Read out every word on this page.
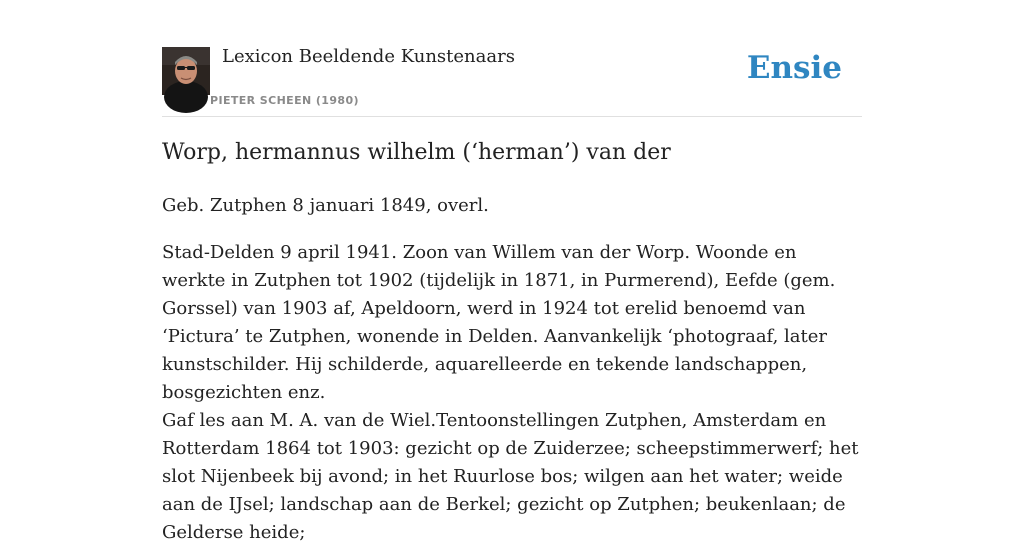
Lexicon Beeldende Kunstenaars
PIETER SCHEEN (1980)
Ensie
Worp, hermannus wilhelm (‘herman’) van der

Geb. Zutphen 8 januari 1849, overl.

Stad-Delden 9 april 1941. Zoon van Willem van der Worp. Woonde en werkte in Zutphen tot 1902 (tijdelijk in 1871, in Purmerend), Eefde (gem. Gorssel) van 1903 af, Apeldoorn, werd in 1924 tot erelid benoemd van ‘Pictura’ te Zutphen, wonende in Delden. Aanvankelijk ‘photograaf, later kunstschilder. Hij schilderde, aquarelleerde en tekende landschappen, bosgezichten enz.

Gaf les aan M. A. van de Wiel.Tentoonstellingen Zutphen, Amsterdam en Rotterdam 1864 tot 1903: gezicht op de Zuiderzee; scheepstimmerwerf; het slot Nijenbeek bij avond; in het Ruurlose bos; wilgen aan het water; weide aan de IJsel; landschap aan de Berkel; gezicht op Zutphen; beukenlaan; de Gelderse heide;
